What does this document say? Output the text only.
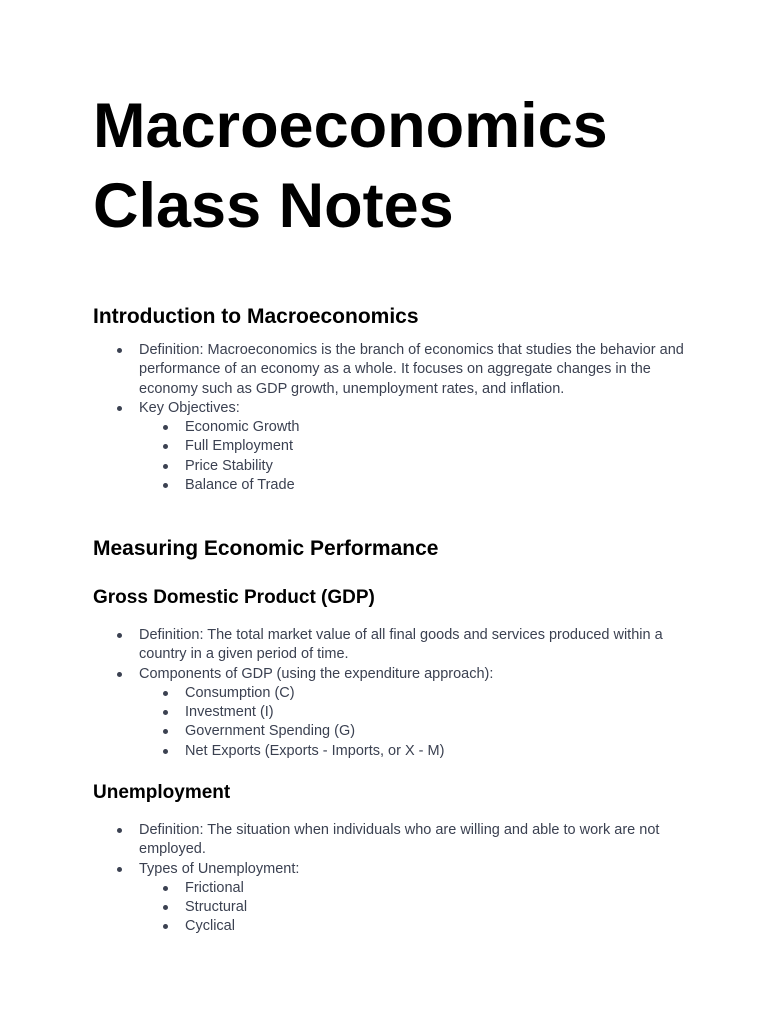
Macroeconomics
Class Notes
Introduction to Macroeconomics
Definition: Macroeconomics is the branch of economics that studies the behavior and performance of an economy as a whole. It focuses on aggregate changes in the economy such as GDP growth, unemployment rates, and inflation.
Key Objectives:
Economic Growth
Full Employment
Price Stability
Balance of Trade
Measuring Economic Performance
Gross Domestic Product (GDP)
Definition: The total market value of all final goods and services produced within a country in a given period of time.
Components of GDP (using the expenditure approach):
Consumption (C)
Investment (I)
Government Spending (G)
Net Exports (Exports - Imports, or X - M)
Unemployment
Definition: The situation when individuals who are willing and able to work are not employed.
Types of Unemployment:
Frictional
Structural
Cyclical
